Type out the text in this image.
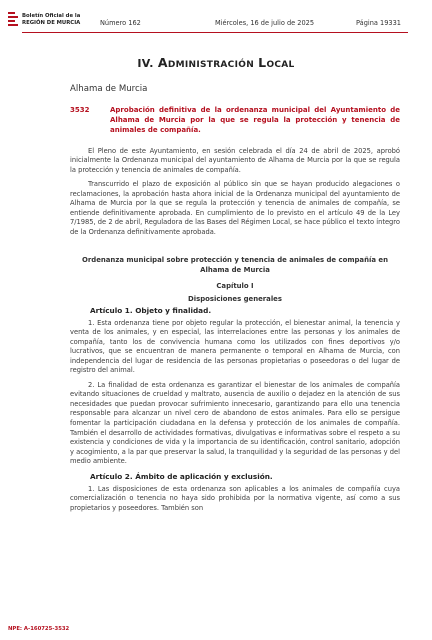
Boletín Oficial de la
REGIÓN DE MURCIA	Número 162	Miércoles, 16 de julio de 2025	Página 19331
IV. ADMINISTRACIÓN LOCAL
Alhama de Murcia
3532	Aprobación definitiva de la ordenanza municipal del Ayuntamiento de Alhama de Murcia por la que se regula la protección y tenencia de animales de compañía.

El Pleno de este Ayuntamiento, en sesión celebrada el día 24 de abril de 2025, aprobó inicialmente la Ordenanza municipal del ayuntamiento de Alhama de Murcia por la que se regula la protección y tenencia de animales de compañía.

Transcurrido el plazo de exposición al público sin que se hayan producido alegaciones o reclamaciones, la aprobación hasta ahora inicial de la Ordenanza municipal del ayuntamiento de Alhama de Murcia por la que se regula la protección y tenencia de animales de compañía, se entiende definitivamente aprobada. En cumplimiento de lo previsto en el artículo 49 de la Ley 7/1985, de 2 de abril, Reguladora de las Bases del Régimen Local, se hace público el texto íntegro de la Ordenanza definitivamente aprobada.

Ordenanza municipal sobre protección y tenencia de animales de compañía en Alhama de Murcia
Capítulo I
Disposiciones generales
Artículo 1. Objeto y finalidad.

1. Esta ordenanza tiene por objeto regular la protección, el bienestar animal, la tenencia y venta de los animales, y en especial, las interrelaciones entre las personas y los animales de compañía, tanto los de convivencia humana como los utilizados con fines deportivos y/o lucrativos, que se encuentran de manera permanente o temporal en Alhama de Murcia, con independencia del lugar de residencia de las personas propietarias o poseedoras o del lugar de registro del animal.

2. La finalidad de esta ordenanza es garantizar el bienestar de los animales de compañía evitando situaciones de crueldad y maltrato, ausencia de auxilio o dejadez en la atención de sus necesidades que puedan provocar sufrimiento innecesario, garantizando para ello una tenencia responsable para alcanzar un nivel cero de abandono de estos animales. Para ello se persigue fomentar la participación ciudadana en la defensa y protección de los animales de compañía. También el desarrollo de actividades formativas, divulgativas e informativas sobre el respeto a su existencia y condiciones de vida y la importancia de su identificación, control sanitario, adopción y acogimiento, a la par que preservar la salud, la tranquilidad y la seguridad de las personas y del medio ambiente.

Artículo 2. Ámbito de aplicación y exclusión.

1. Las disposiciones de esta ordenanza son aplicables a los animales de compañía cuya comercialización o tenencia no haya sido prohibida por la normativa vigente, así como a sus propietarios y poseedores. También son

NPE: A-160725-3532
